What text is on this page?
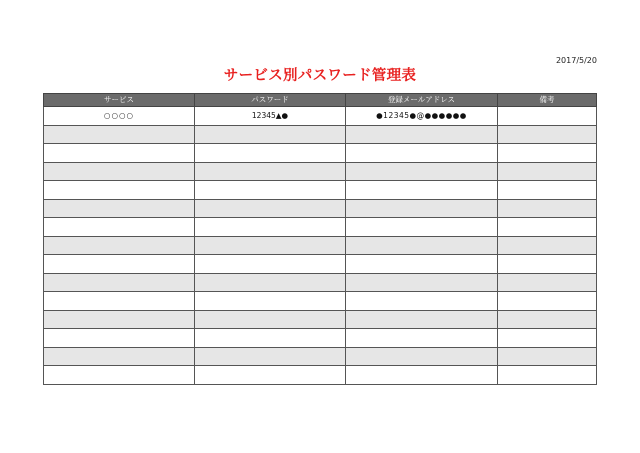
2017/5/20
サービス別パスワード管理表
サービス	パスワード	登録メールアドレス	備考
○○○○	12345▲●	●12345●@●●●●●●	
